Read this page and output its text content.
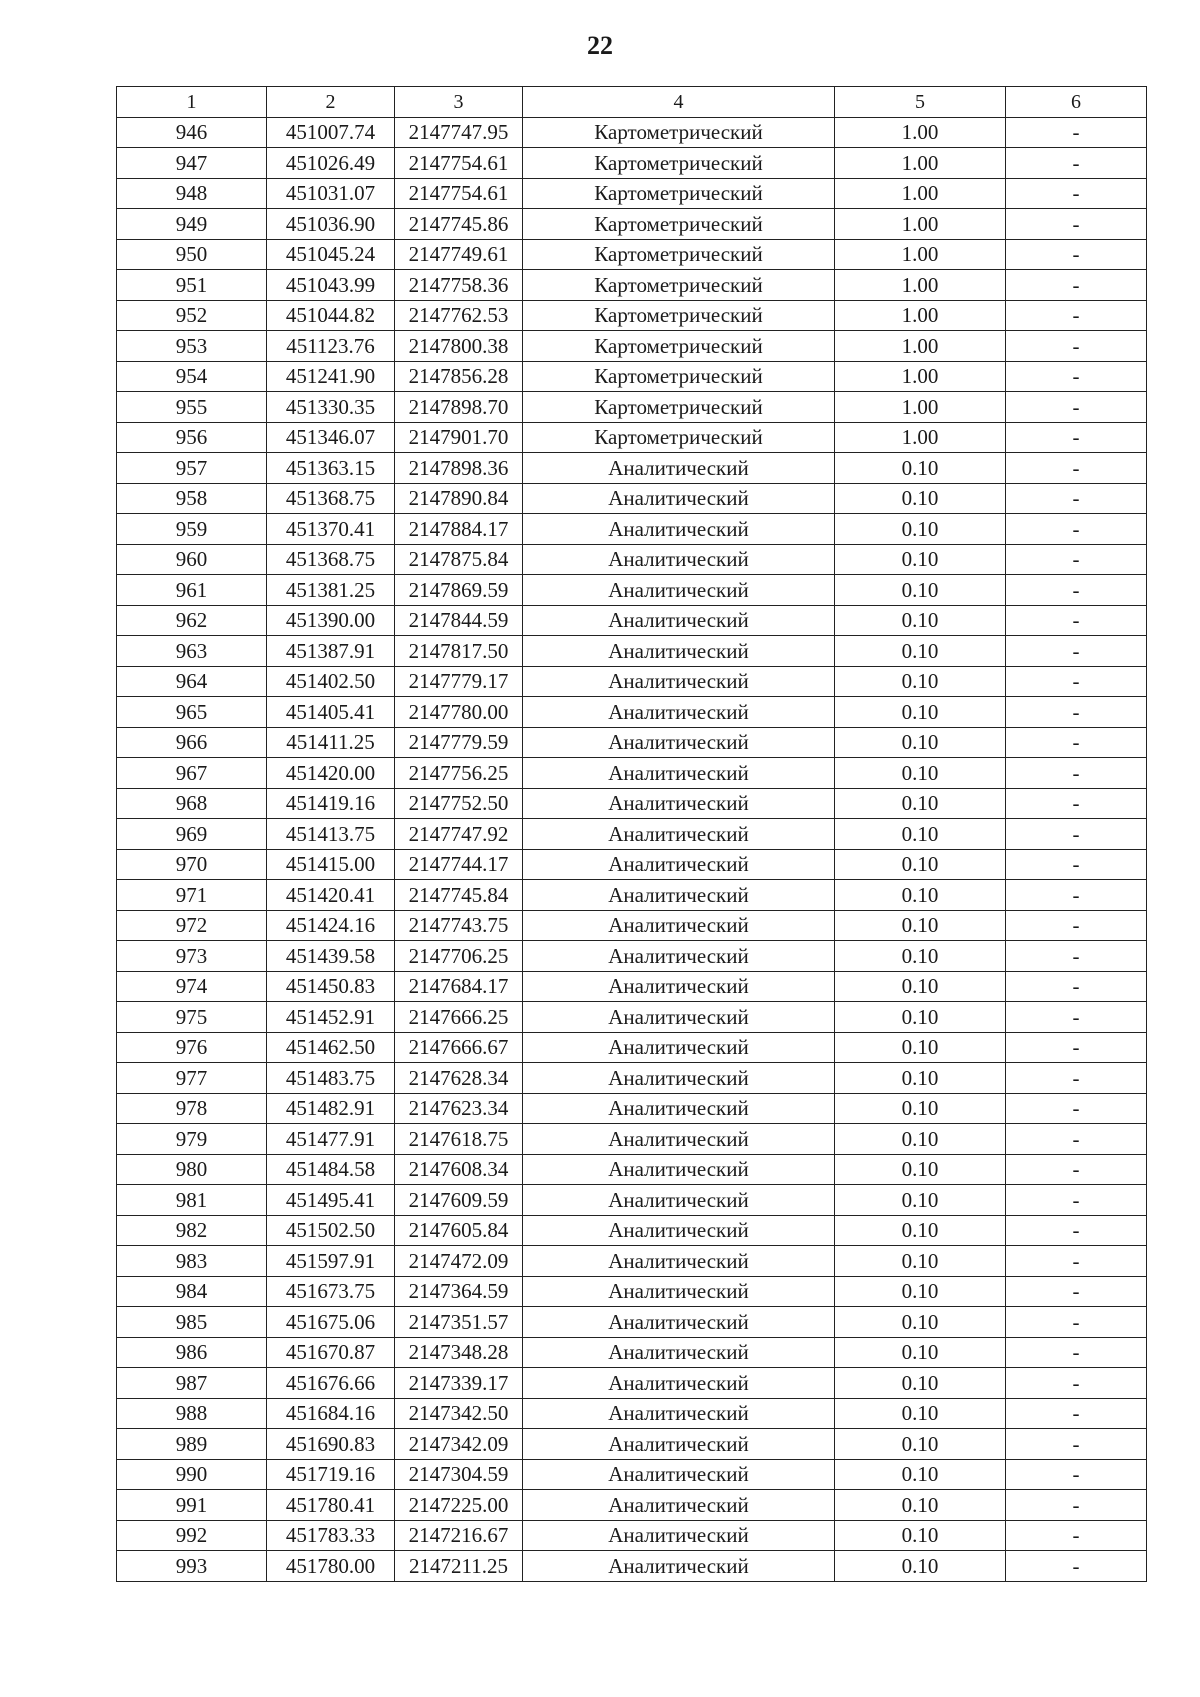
22
1	2	3	4	5	6
946	451007.74	2147747.95	Картометрический	1.00	-
947	451026.49	2147754.61	Картометрический	1.00	-
948	451031.07	2147754.61	Картометрический	1.00	-
949	451036.90	2147745.86	Картометрический	1.00	-
950	451045.24	2147749.61	Картометрический	1.00	-
951	451043.99	2147758.36	Картометрический	1.00	-
952	451044.82	2147762.53	Картометрический	1.00	-
953	451123.76	2147800.38	Картометрический	1.00	-
954	451241.90	2147856.28	Картометрический	1.00	-
955	451330.35	2147898.70	Картометрический	1.00	-
956	451346.07	2147901.70	Картометрический	1.00	-
957	451363.15	2147898.36	Аналитический	0.10	-
958	451368.75	2147890.84	Аналитический	0.10	-
959	451370.41	2147884.17	Аналитический	0.10	-
960	451368.75	2147875.84	Аналитический	0.10	-
961	451381.25	2147869.59	Аналитический	0.10	-
962	451390.00	2147844.59	Аналитический	0.10	-
963	451387.91	2147817.50	Аналитический	0.10	-
964	451402.50	2147779.17	Аналитический	0.10	-
965	451405.41	2147780.00	Аналитический	0.10	-
966	451411.25	2147779.59	Аналитический	0.10	-
967	451420.00	2147756.25	Аналитический	0.10	-
968	451419.16	2147752.50	Аналитический	0.10	-
969	451413.75	2147747.92	Аналитический	0.10	-
970	451415.00	2147744.17	Аналитический	0.10	-
971	451420.41	2147745.84	Аналитический	0.10	-
972	451424.16	2147743.75	Аналитический	0.10	-
973	451439.58	2147706.25	Аналитический	0.10	-
974	451450.83	2147684.17	Аналитический	0.10	-
975	451452.91	2147666.25	Аналитический	0.10	-
976	451462.50	2147666.67	Аналитический	0.10	-
977	451483.75	2147628.34	Аналитический	0.10	-
978	451482.91	2147623.34	Аналитический	0.10	-
979	451477.91	2147618.75	Аналитический	0.10	-
980	451484.58	2147608.34	Аналитический	0.10	-
981	451495.41	2147609.59	Аналитический	0.10	-
982	451502.50	2147605.84	Аналитический	0.10	-
983	451597.91	2147472.09	Аналитический	0.10	-
984	451673.75	2147364.59	Аналитический	0.10	-
985	451675.06	2147351.57	Аналитический	0.10	-
986	451670.87	2147348.28	Аналитический	0.10	-
987	451676.66	2147339.17	Аналитический	0.10	-
988	451684.16	2147342.50	Аналитический	0.10	-
989	451690.83	2147342.09	Аналитический	0.10	-
990	451719.16	2147304.59	Аналитический	0.10	-
991	451780.41	2147225.00	Аналитический	0.10	-
992	451783.33	2147216.67	Аналитический	0.10	-
993	451780.00	2147211.25	Аналитический	0.10	-
